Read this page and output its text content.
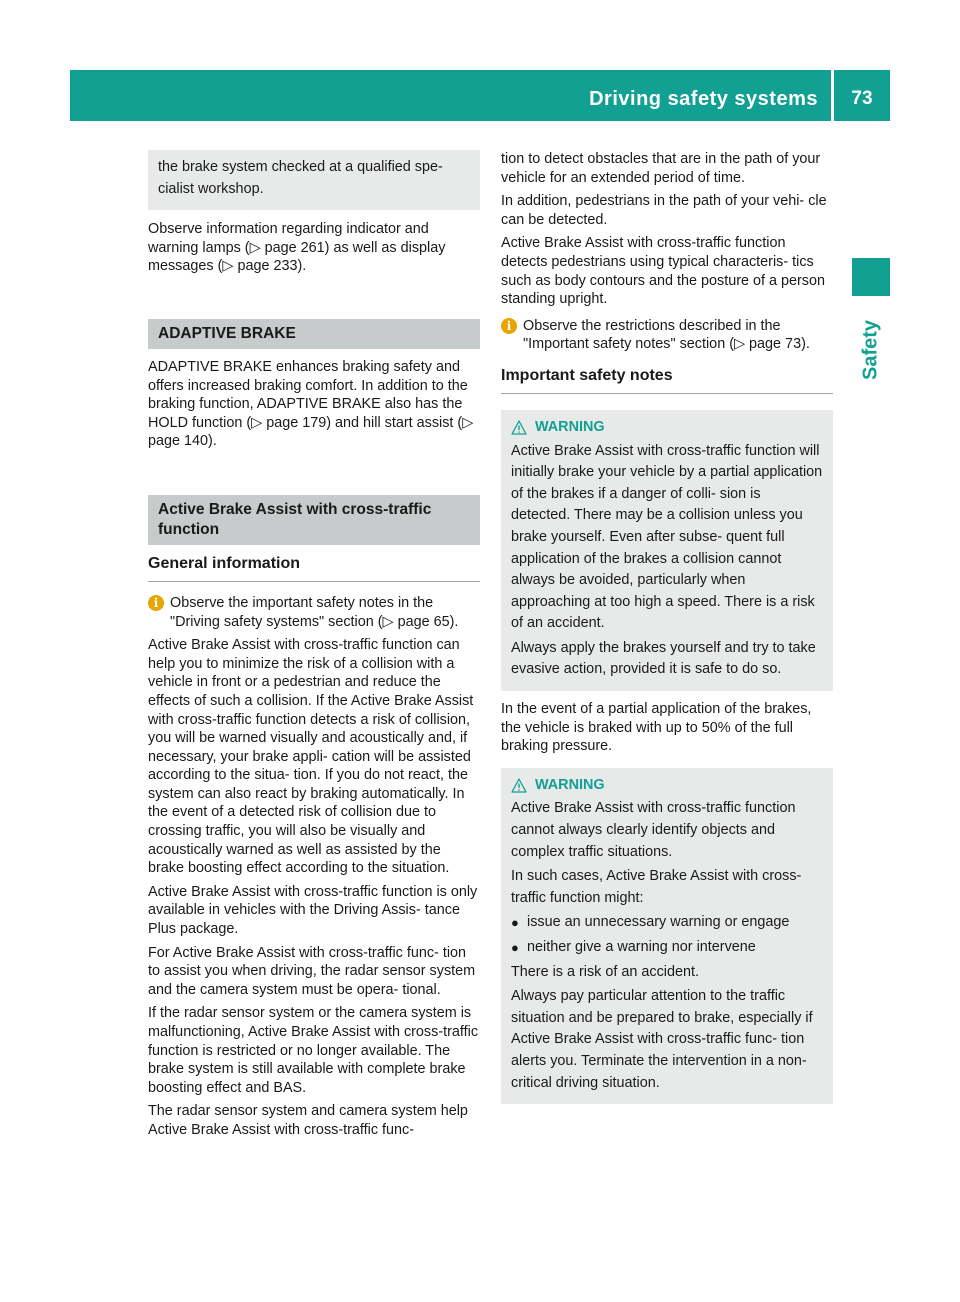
Driving safety systems	73
Safety

the brake system checked at a qualified spe- cialist workshop.

Observe information regarding indicator and warning lamps (▷ page 261) as well as display messages (▷ page 233).

ADAPTIVE BRAKE

ADAPTIVE BRAKE enhances braking safety and offers increased braking comfort. In addition to the braking function, ADAPTIVE BRAKE also has the HOLD function (▷ page 179) and hill start assist (▷ page 140).

Active Brake Assist with cross-traffic function
General information
i Observe the important safety notes in the "Driving safety systems" section (▷ page 65).

Active Brake Assist with cross-traffic function can help you to minimize the risk of a collision with a vehicle in front or a pedestrian and reduce the effects of such a collision. If the Active Brake Assist with cross-traffic function detects a risk of collision, you will be warned visually and acoustically and, if necessary, your brake appli- cation will be assisted according to the situa- tion. If you do not react, the system can also react by braking automatically. In the event of a detected risk of collision due to crossing traffic, you will also be visually and acoustically warned as well as assisted by the brake boosting effect according to the situation.

Active Brake Assist with cross-traffic function is only available in vehicles with the Driving Assis- tance Plus package.

For Active Brake Assist with cross-traffic func- tion to assist you when driving, the radar sensor system and the camera system must be opera- tional.

If the radar sensor system or the camera system is malfunctioning, Active Brake Assist with cross-traffic function is restricted or no longer available. The brake system is still available with complete brake boosting effect and BAS.

The radar sensor system and camera system help Active Brake Assist with cross-traffic func-

tion to detect obstacles that are in the path of your vehicle for an extended period of time.

In addition, pedestrians in the path of your vehi- cle can be detected.

Active Brake Assist with cross-traffic function detects pedestrians using typical characteris- tics such as body contours and the posture of a person standing upright.

i Observe the restrictions described in the "Important safety notes" section (▷ page 73).
Important safety notes
WARNING

Active Brake Assist with cross-traffic function will initially brake your vehicle by a partial application of the brakes if a danger of colli- sion is detected. There may be a collision unless you brake yourself. Even after subse- quent full application of the brakes a collision cannot always be avoided, particularly when approaching at too high a speed. There is a risk of an accident.

Always apply the brakes yourself and try to take evasive action, provided it is safe to do so.

In the event of a partial application of the brakes, the vehicle is braked with up to 50% of the full braking pressure.

WARNING

Active Brake Assist with cross-traffic function cannot always clearly identify objects and complex traffic situations.

In such cases, Active Brake Assist with cross- traffic function might:

● issue an unnecessary warning or engage
● neither give a warning nor intervene

There is a risk of an accident.

Always pay particular attention to the traffic situation and be prepared to brake, especially if Active Brake Assist with cross-traffic func- tion alerts you. Terminate the intervention in a non-critical driving situation.
